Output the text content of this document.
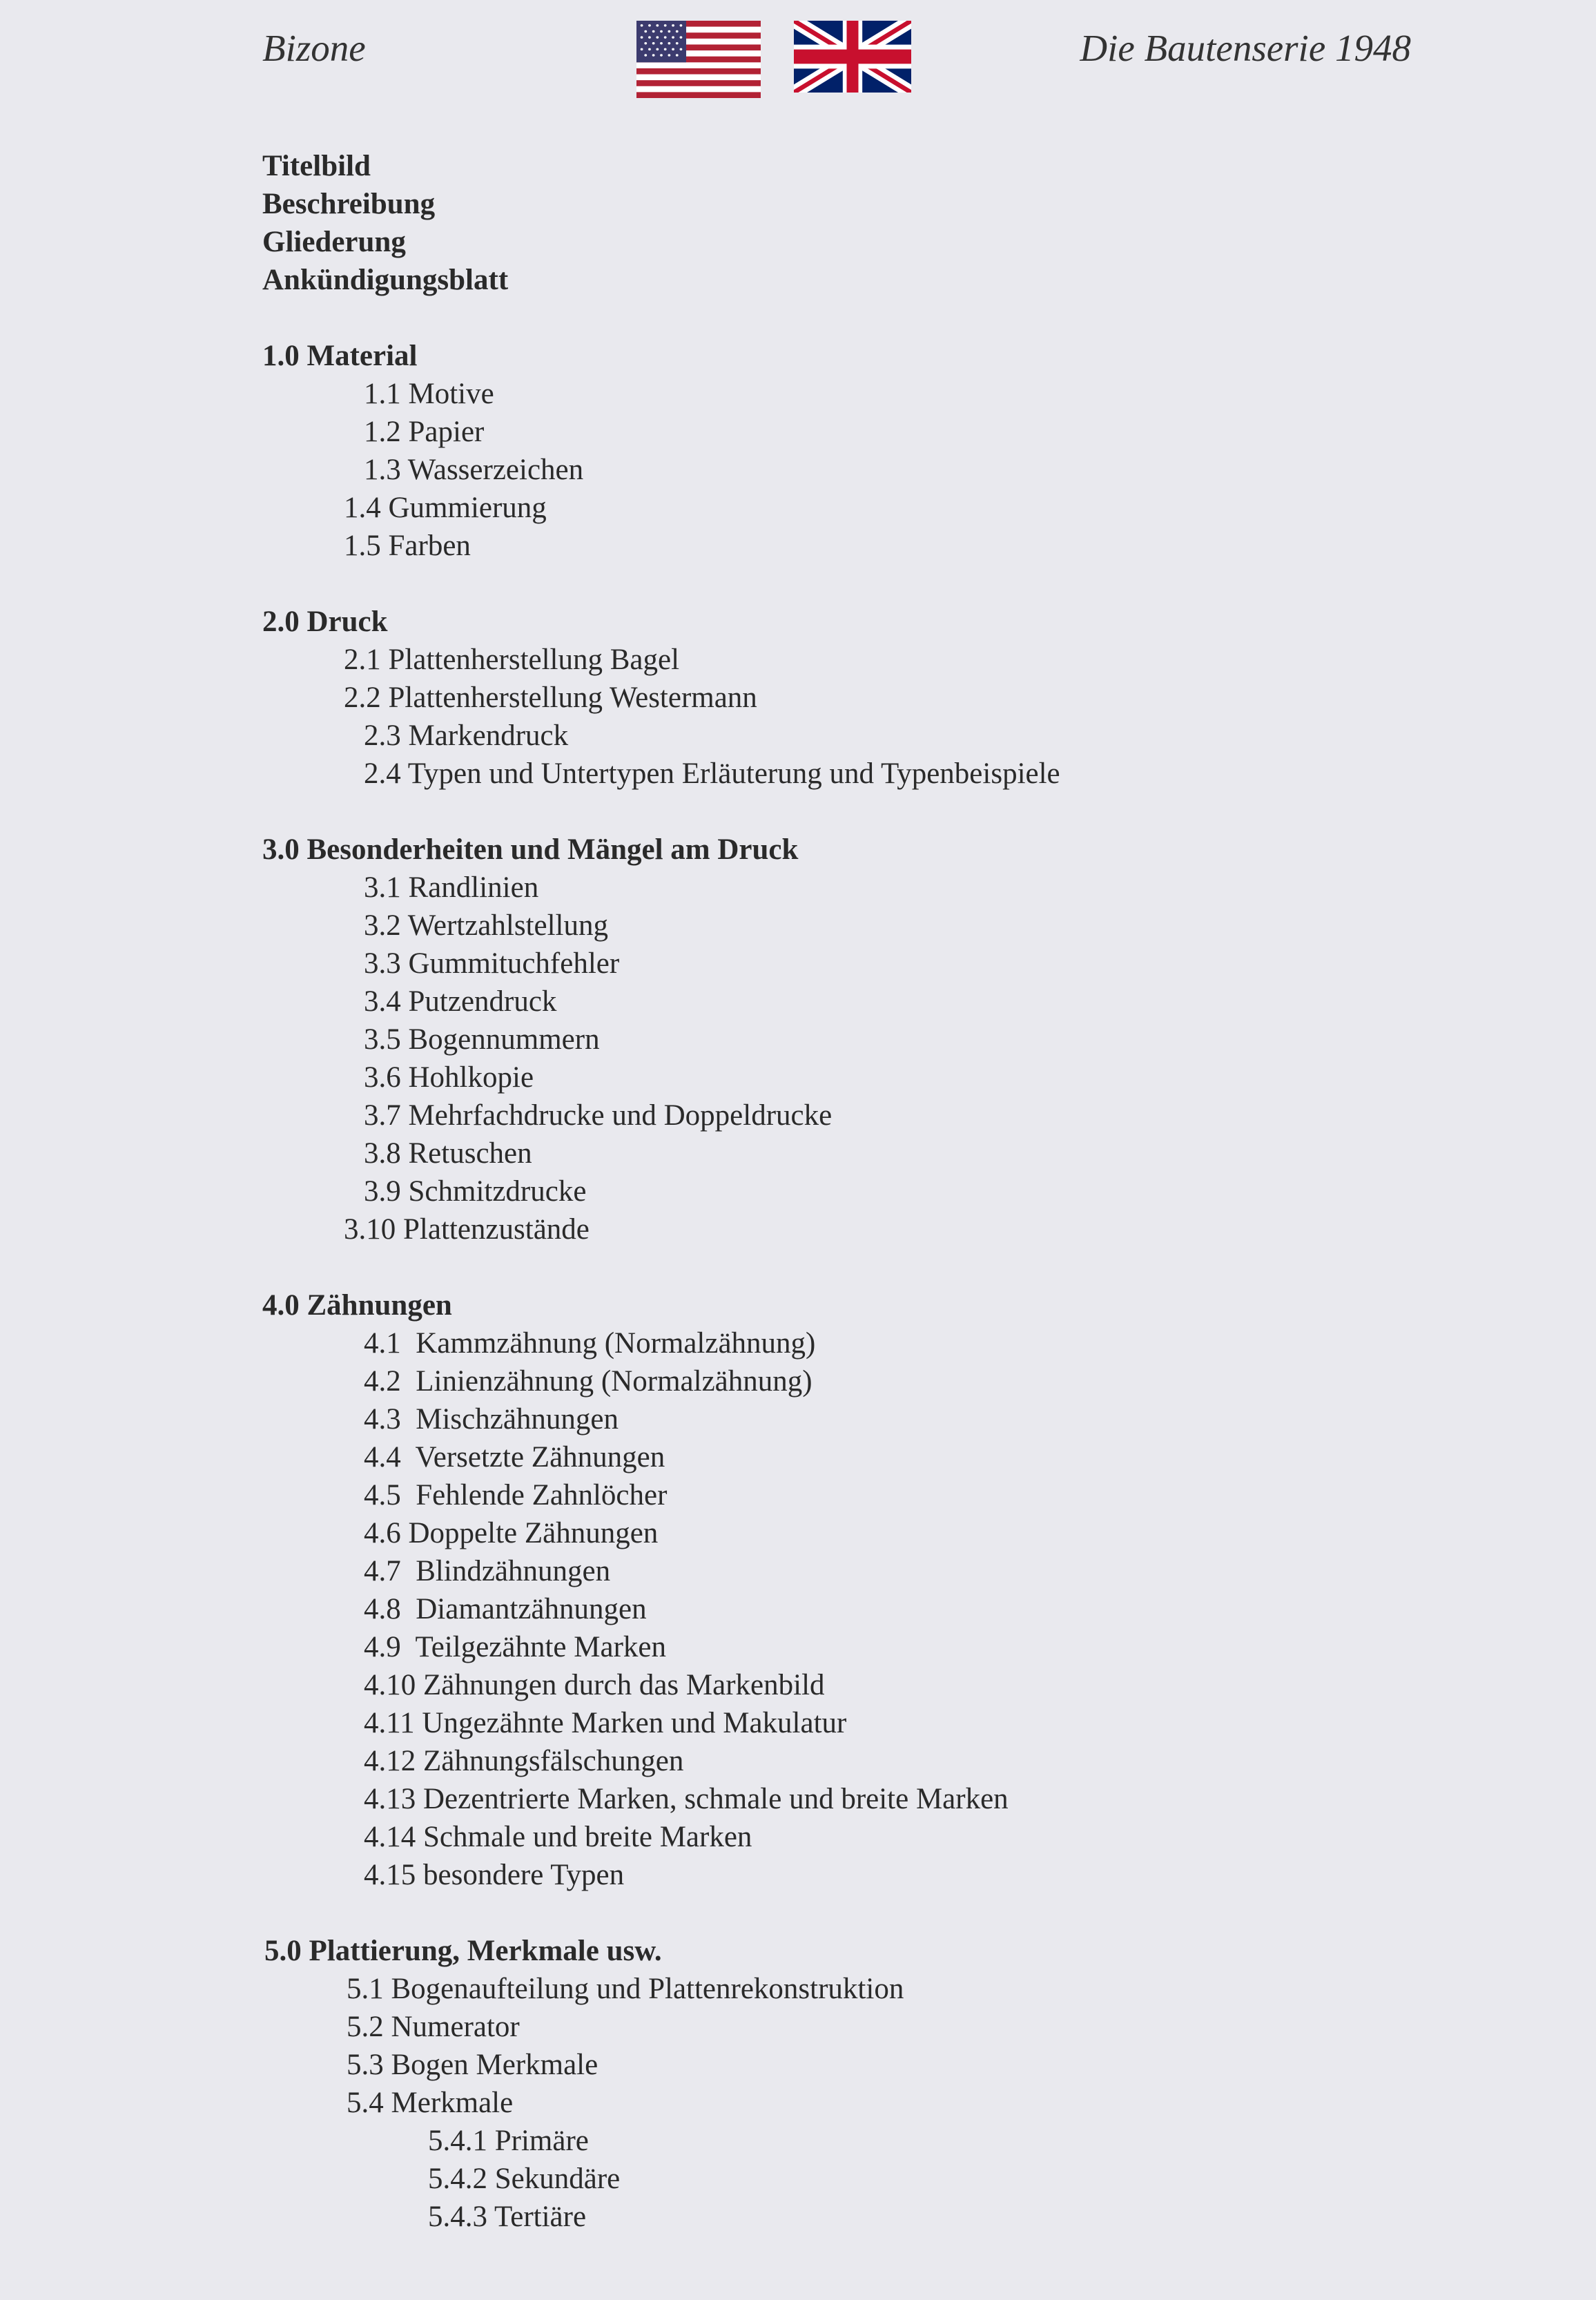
Bizone	Die Bautenserie 1948
Titelbild
Beschreibung
Gliederung
Ankündigungsblatt
1.0 Material
1.1 Motive
1.2 Papier
1.3 Wasserzeichen
1.4 Gummierung
1.5 Farben
2.0 Druck
2.1 Plattenherstellung Bagel
2.2 Plattenherstellung Westermann
2.3 Markendruck
2.4 Typen und Untertypen Erläuterung und Typenbeispiele
3.0 Besonderheiten und Mängel am Druck
3.1 Randlinien
3.2 Wertzahlstellung
3.3 Gummituchfehler
3.4 Putzendruck
3.5 Bogennummern
3.6 Hohlkopie
3.7 Mehrfachdrucke und Doppeldrucke
3.8 Retuschen
3.9 Schmitzdrucke
3.10 Plattenzustände
4.0 Zähnungen
4.1  Kammzähnung (Normalzähnung)
4.2  Linienzähnung (Normalzähnung)
4.3  Mischzähnungen
4.4  Versetzte Zähnungen
4.5  Fehlende Zahnlöcher
4.6 Doppelte Zähnungen
4.7  Blindzähnungen
4.8  Diamantzähnungen
4.9  Teilgezähnte Marken
4.10 Zähnungen durch das Markenbild
4.11 Ungezähnte Marken und Makulatur
4.12 Zähnungsfälschungen
4.13 Dezentrierte Marken, schmale und breite Marken
4.14 Schmale und breite Marken
4.15 besondere Typen
5.0 Plattierung, Merkmale usw.
5.1 Bogenaufteilung und Plattenrekonstruktion
5.2 Numerator
5.3 Bogen Merkmale
5.4 Merkmale
5.4.1 Primäre
5.4.2 Sekundäre
5.4.3 Tertiäre
